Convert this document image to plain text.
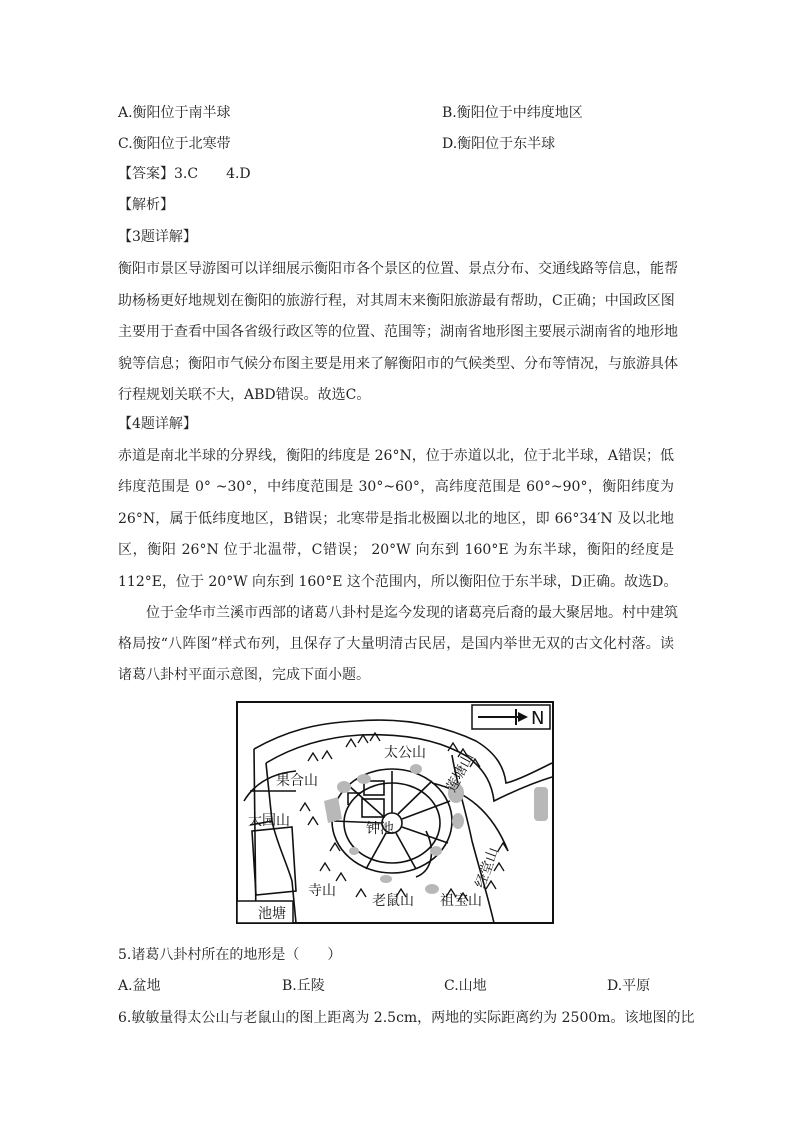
A.衡阳位于南半球	B.衡阳位于中纬度地区
C.衡阳位于北寒带	D.衡阳位于东半球
【答案】3.C　　4.D
【解析】
【3题详解】
衡阳市景区导游图可以详细展示衡阳市各个景区的位置、景点分布、交通线路等信息，能帮
助杨杨更好地规划在衡阳的旅游行程，对其周末来衡阳旅游最有帮助，C正确；中国政区图
主要用于查看中国各省级行政区等的位置、范围等；湖南省地形图主要展示湖南省的地形地
貌等信息；衡阳市气候分布图主要是用来了解衡阳市的气候类型、分布等情况，与旅游具体
行程规划关联不大，ABD错误。故选C。
【4题详解】
赤道是南北半球的分界线，衡阳的纬度是 26°N，位于赤道以北，位于北半球，A错误；低
纬度范围是 0° ~30°，中纬度范围是 30°~60°，高纬度范围是 60°~90°，衡阳纬度为
26°N，属于低纬度地区，B错误；北寒带是指北极圈以北的地区，即 66°34′N 及以北地
区，衡阳 26°N 位于北温带，C错误； 20°W 向东到 160°E 为东半球，衡阳的经度是
112°E，位于 20°W 向东到 160°E 这个范围内，所以衡阳位于东半球，D正确。故选D。
位于金华市兰溪市西部的诸葛八卦村是迄今发现的诸葛亮后裔的最大聚居地。村中建筑
格局按“八阵图”样式布列，且保存了大量明清古民居，是国内举世无双的古文化村落。读
诸葛八卦村平面示意图，完成下面小题。
N
太公山
果合山
大园山
寺山
老鼠山 祖宝山
经堂山
莲塘山
钟池
池塘
5.诸葛八卦村所在的地形是（　　）
A.盆地	B.丘陵	C.山地	D.平原
6.敏敏量得太公山与老鼠山的图上距离为 2.5cm，两地的实际距离约为 2500m。该地图的比
